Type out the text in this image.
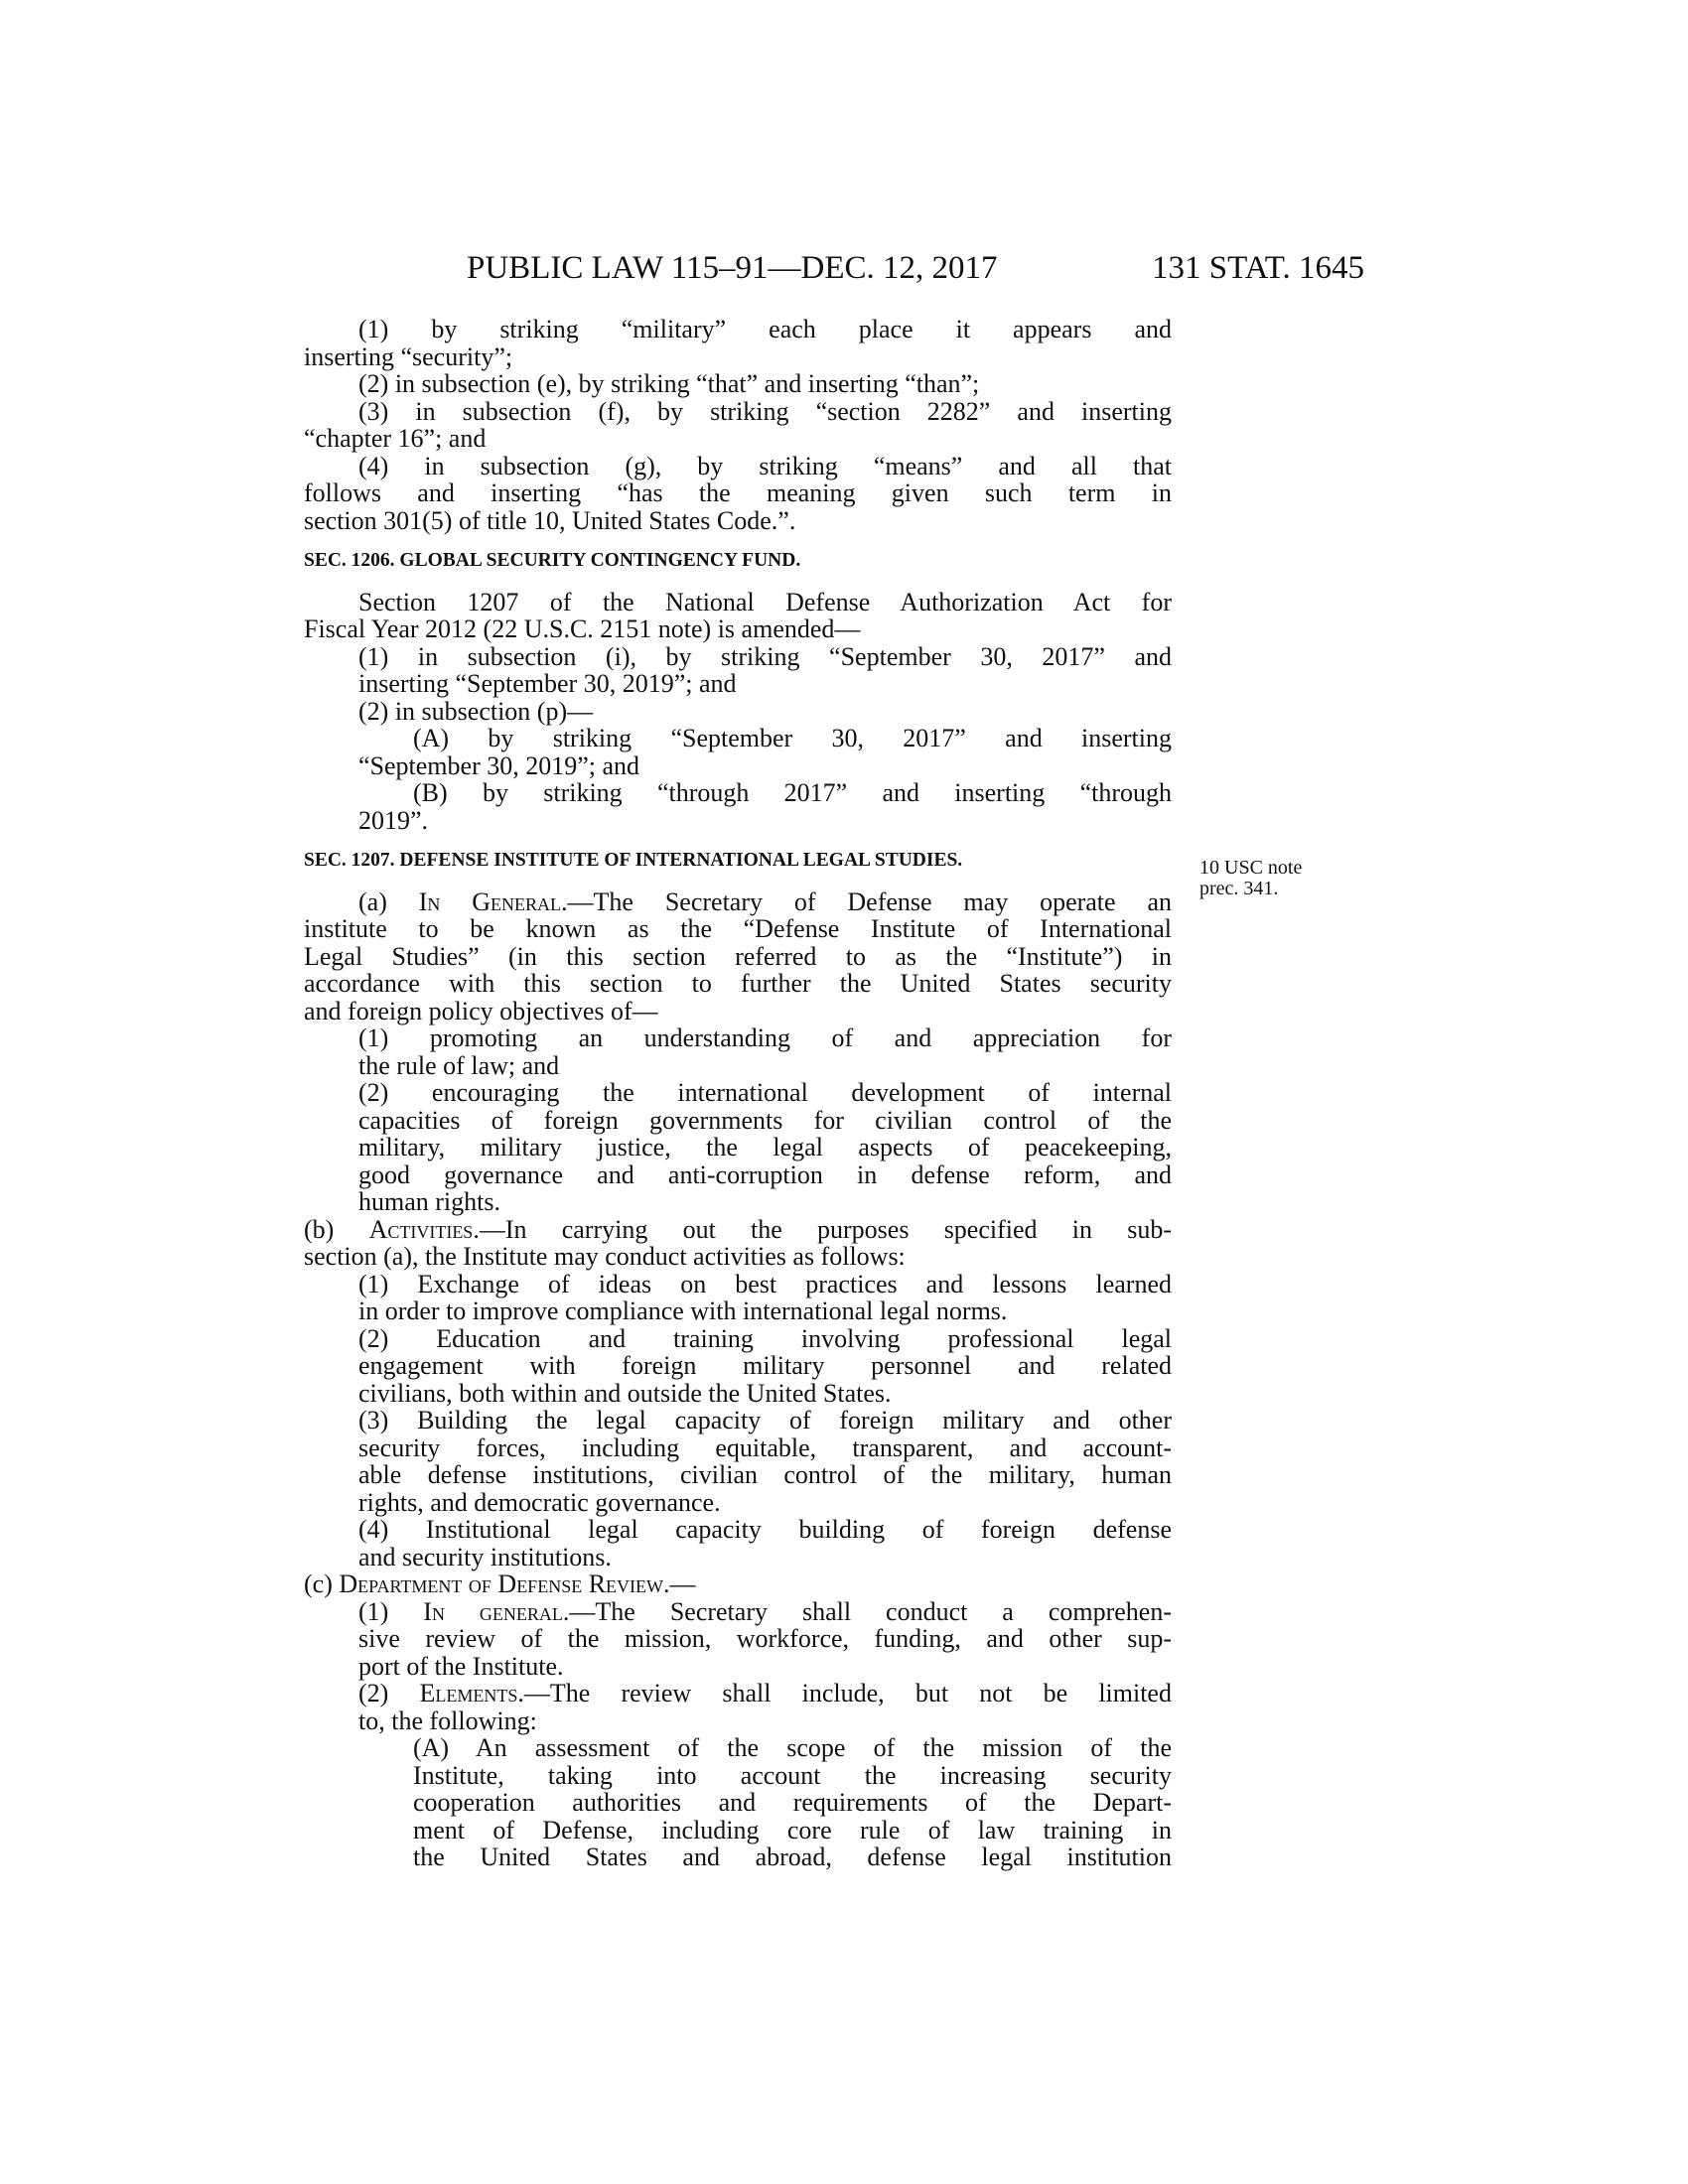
PUBLIC LAW 115–91—DEC. 12, 2017	131 STAT. 1645
(1) by striking “military” each place it appears and
inserting “security”;
(2) in subsection (e), by striking “that” and inserting “than”;
(3) in subsection (f), by striking “section 2282” and inserting
“chapter 16”; and
(4) in subsection (g), by striking “means” and all that
follows and inserting “has the meaning given such term in
section 301(5) of title 10, United States Code.”.
SEC. 1206. GLOBAL SECURITY CONTINGENCY FUND.
Section 1207 of the National Defense Authorization Act for
Fiscal Year 2012 (22 U.S.C. 2151 note) is amended—
(1) in subsection (i), by striking “September 30, 2017” and
inserting “September 30, 2019”; and
(2) in subsection (p)—
(A) by striking “September 30, 2017” and inserting
“September 30, 2019”; and
(B) by striking “through 2017” and inserting “through
2019”.
SEC. 1207. DEFENSE INSTITUTE OF INTERNATIONAL LEGAL STUDIES.
(a) In General.—The Secretary of Defense may operate an
institute to be known as the “Defense Institute of International
Legal Studies” (in this section referred to as the “Institute”) in
accordance with this section to further the United States security
and foreign policy objectives of—
(1) promoting an understanding of and appreciation for
the rule of law; and
(2) encouraging the international development of internal
capacities of foreign governments for civilian control of the
military, military justice, the legal aspects of peacekeeping,
good governance and anti-corruption in defense reform, and
human rights.
(b) Activities.—In carrying out the purposes specified in sub-
section (a), the Institute may conduct activities as follows:
(1) Exchange of ideas on best practices and lessons learned
in order to improve compliance with international legal norms.
(2) Education and training involving professional legal
engagement with foreign military personnel and related
civilians, both within and outside the United States.
(3) Building the legal capacity of foreign military and other
security forces, including equitable, transparent, and account-
able defense institutions, civilian control of the military, human
rights, and democratic governance.
(4) Institutional legal capacity building of foreign defense
and security institutions.
(c) Department of Defense Review.—
(1) In general.—The Secretary shall conduct a comprehen-
sive review of the mission, workforce, funding, and other sup-
port of the Institute.
(2) Elements.—The review shall include, but not be limited
to, the following:
(A) An assessment of the scope of the mission of the
Institute, taking into account the increasing security
cooperation authorities and requirements of the Depart-
ment of Defense, including core rule of law training in
the United States and abroad, defense legal institution
10 USC note
prec. 341.
